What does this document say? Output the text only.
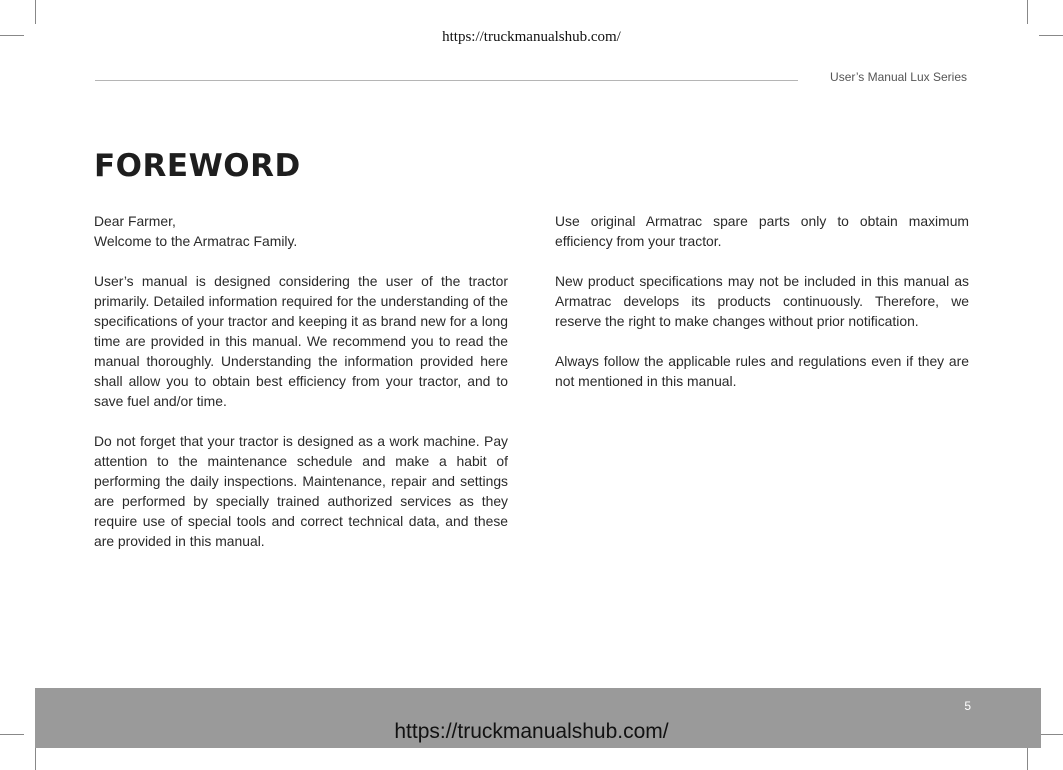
https://truckmanualshub.com/
User’s Manual Lux Series
FOREWORD

Dear Farmer,
Welcome to the Armatrac Family.

User’s manual is designed considering the user of the tractor primarily. Detailed information required for the understanding of the specifications of your tractor and keeping it as brand new for a long time are provided in this manual. We recommend you to read the manual thoroughly. Understanding the information provided here shall allow you to obtain best efficiency from your tractor, and to save fuel and/or time.

Do not forget that your tractor is designed as a work machine. Pay attention to the maintenance schedule and make a habit of performing the daily inspections. Maintenance, repair and settings are performed by specially trained authorized services as they require use of special tools and correct technical data, and these are provided in this manual.

Use original Armatrac spare parts only to obtain maximum efficiency from your tractor.

New product specifications may not be included in this manual as Armatrac develops its products continuously. Therefore, we reserve the right to make changes without prior notification.

Always follow the applicable rules and regulations even if they are not mentioned in this manual.

5
https://truckmanualshub.com/
